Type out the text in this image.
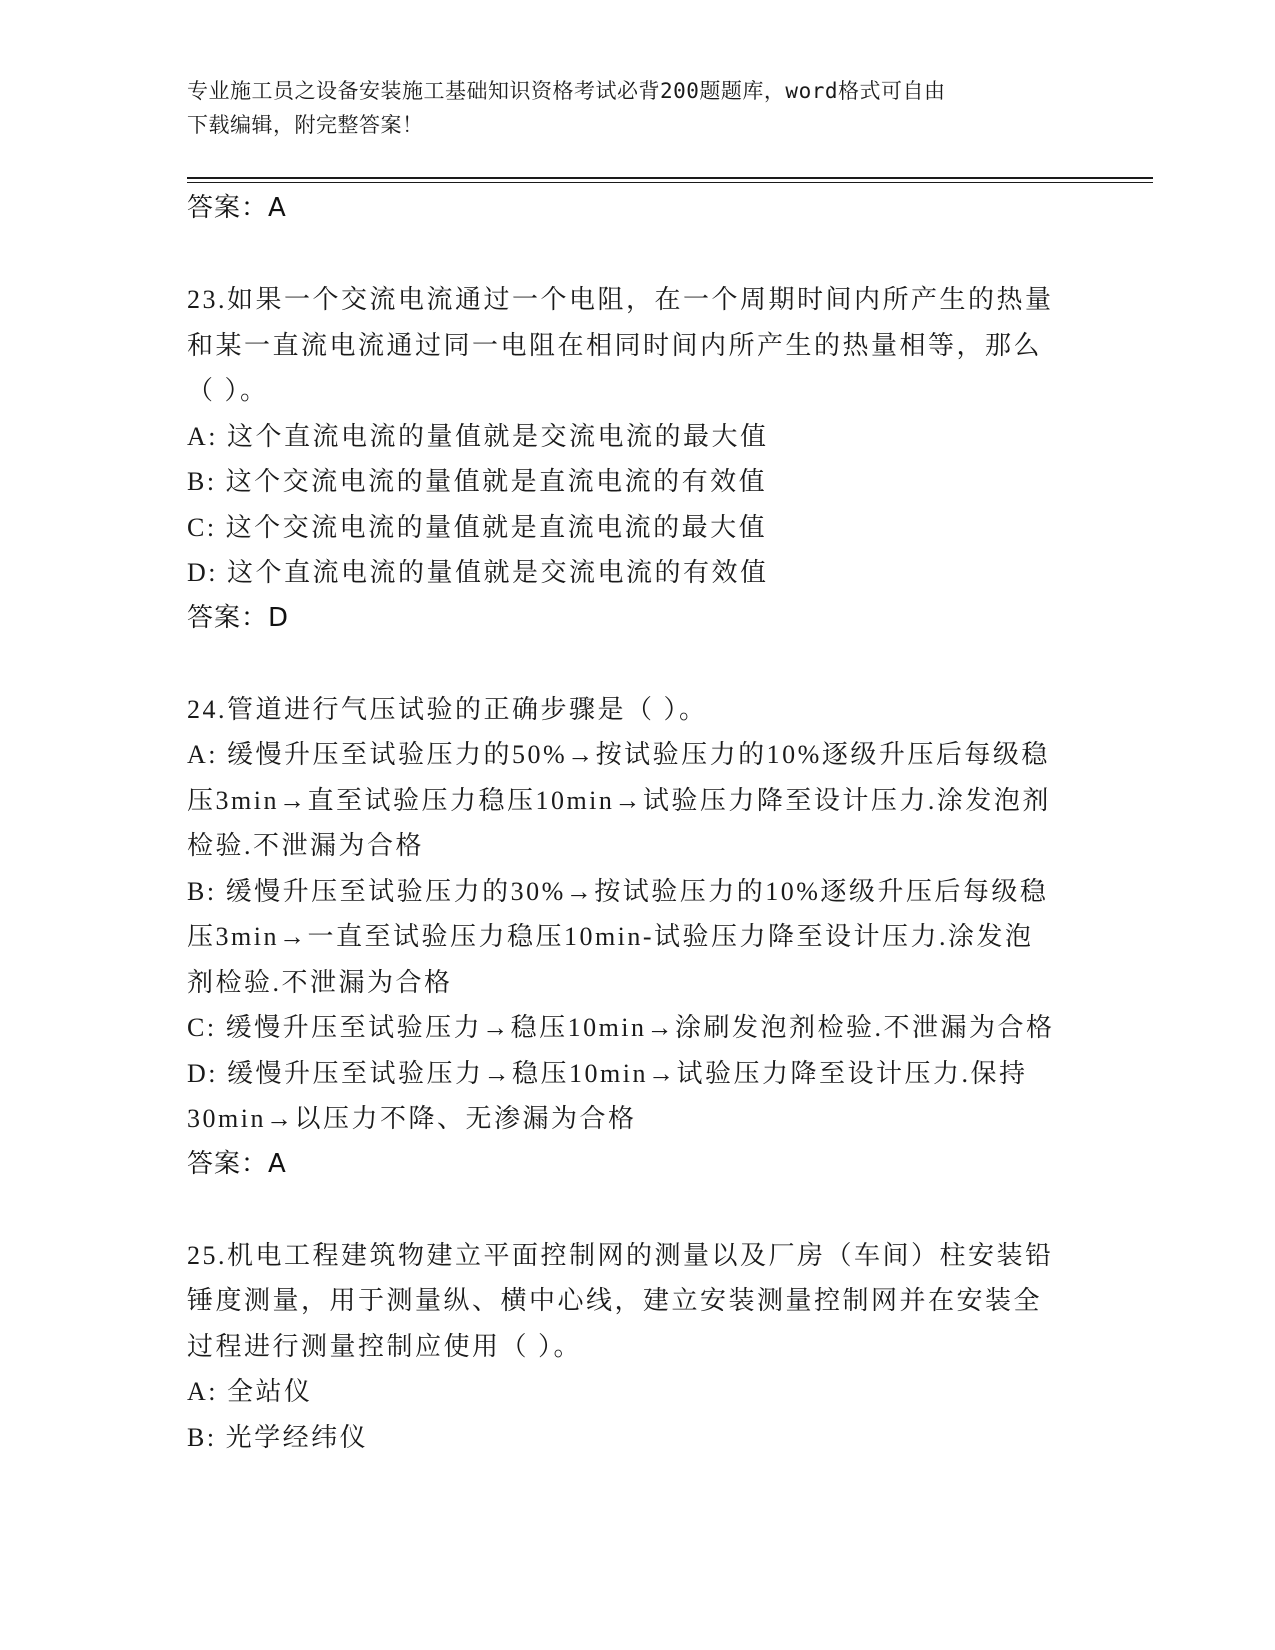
专业施工员之设备安装施工基础知识资格考试必背200题题库，word格式可自由
下载编辑，附完整答案！
答案：A
23.如果一个交流电流通过一个电阻，在一个周期时间内所产生的热量
和某一直流电流通过同一电阻在相同时间内所产生的热量相等，那么
（ ）。
A: 这个直流电流的量值就是交流电流的最大值
B: 这个交流电流的量值就是直流电流的有效值
C: 这个交流电流的量值就是直流电流的最大值
D: 这个直流电流的量值就是交流电流的有效值
答案：D
24.管道进行气压试验的正确步骤是（ ）。
A: 缓慢升压至试验压力的50%→按试验压力的10%逐级升压后每级稳
压3min→直至试验压力稳压10min→试验压力降至设计压力.涂发泡剂
检验.不泄漏为合格
B: 缓慢升压至试验压力的30%→按试验压力的10%逐级升压后每级稳
压3min→一直至试验压力稳压10min-试验压力降至设计压力.涂发泡
剂检验.不泄漏为合格
C: 缓慢升压至试验压力→稳压10min→涂刷发泡剂检验.不泄漏为合格
D: 缓慢升压至试验压力→稳压10min→试验压力降至设计压力.保持
30min→以压力不降、无渗漏为合格
答案：A
25.机电工程建筑物建立平面控制网的测量以及厂房（车间）柱安装铅
锤度测量，用于测量纵、横中心线，建立安装测量控制网并在安装全
过程进行测量控制应使用（ ）。
A: 全站仪
B: 光学经纬仪
